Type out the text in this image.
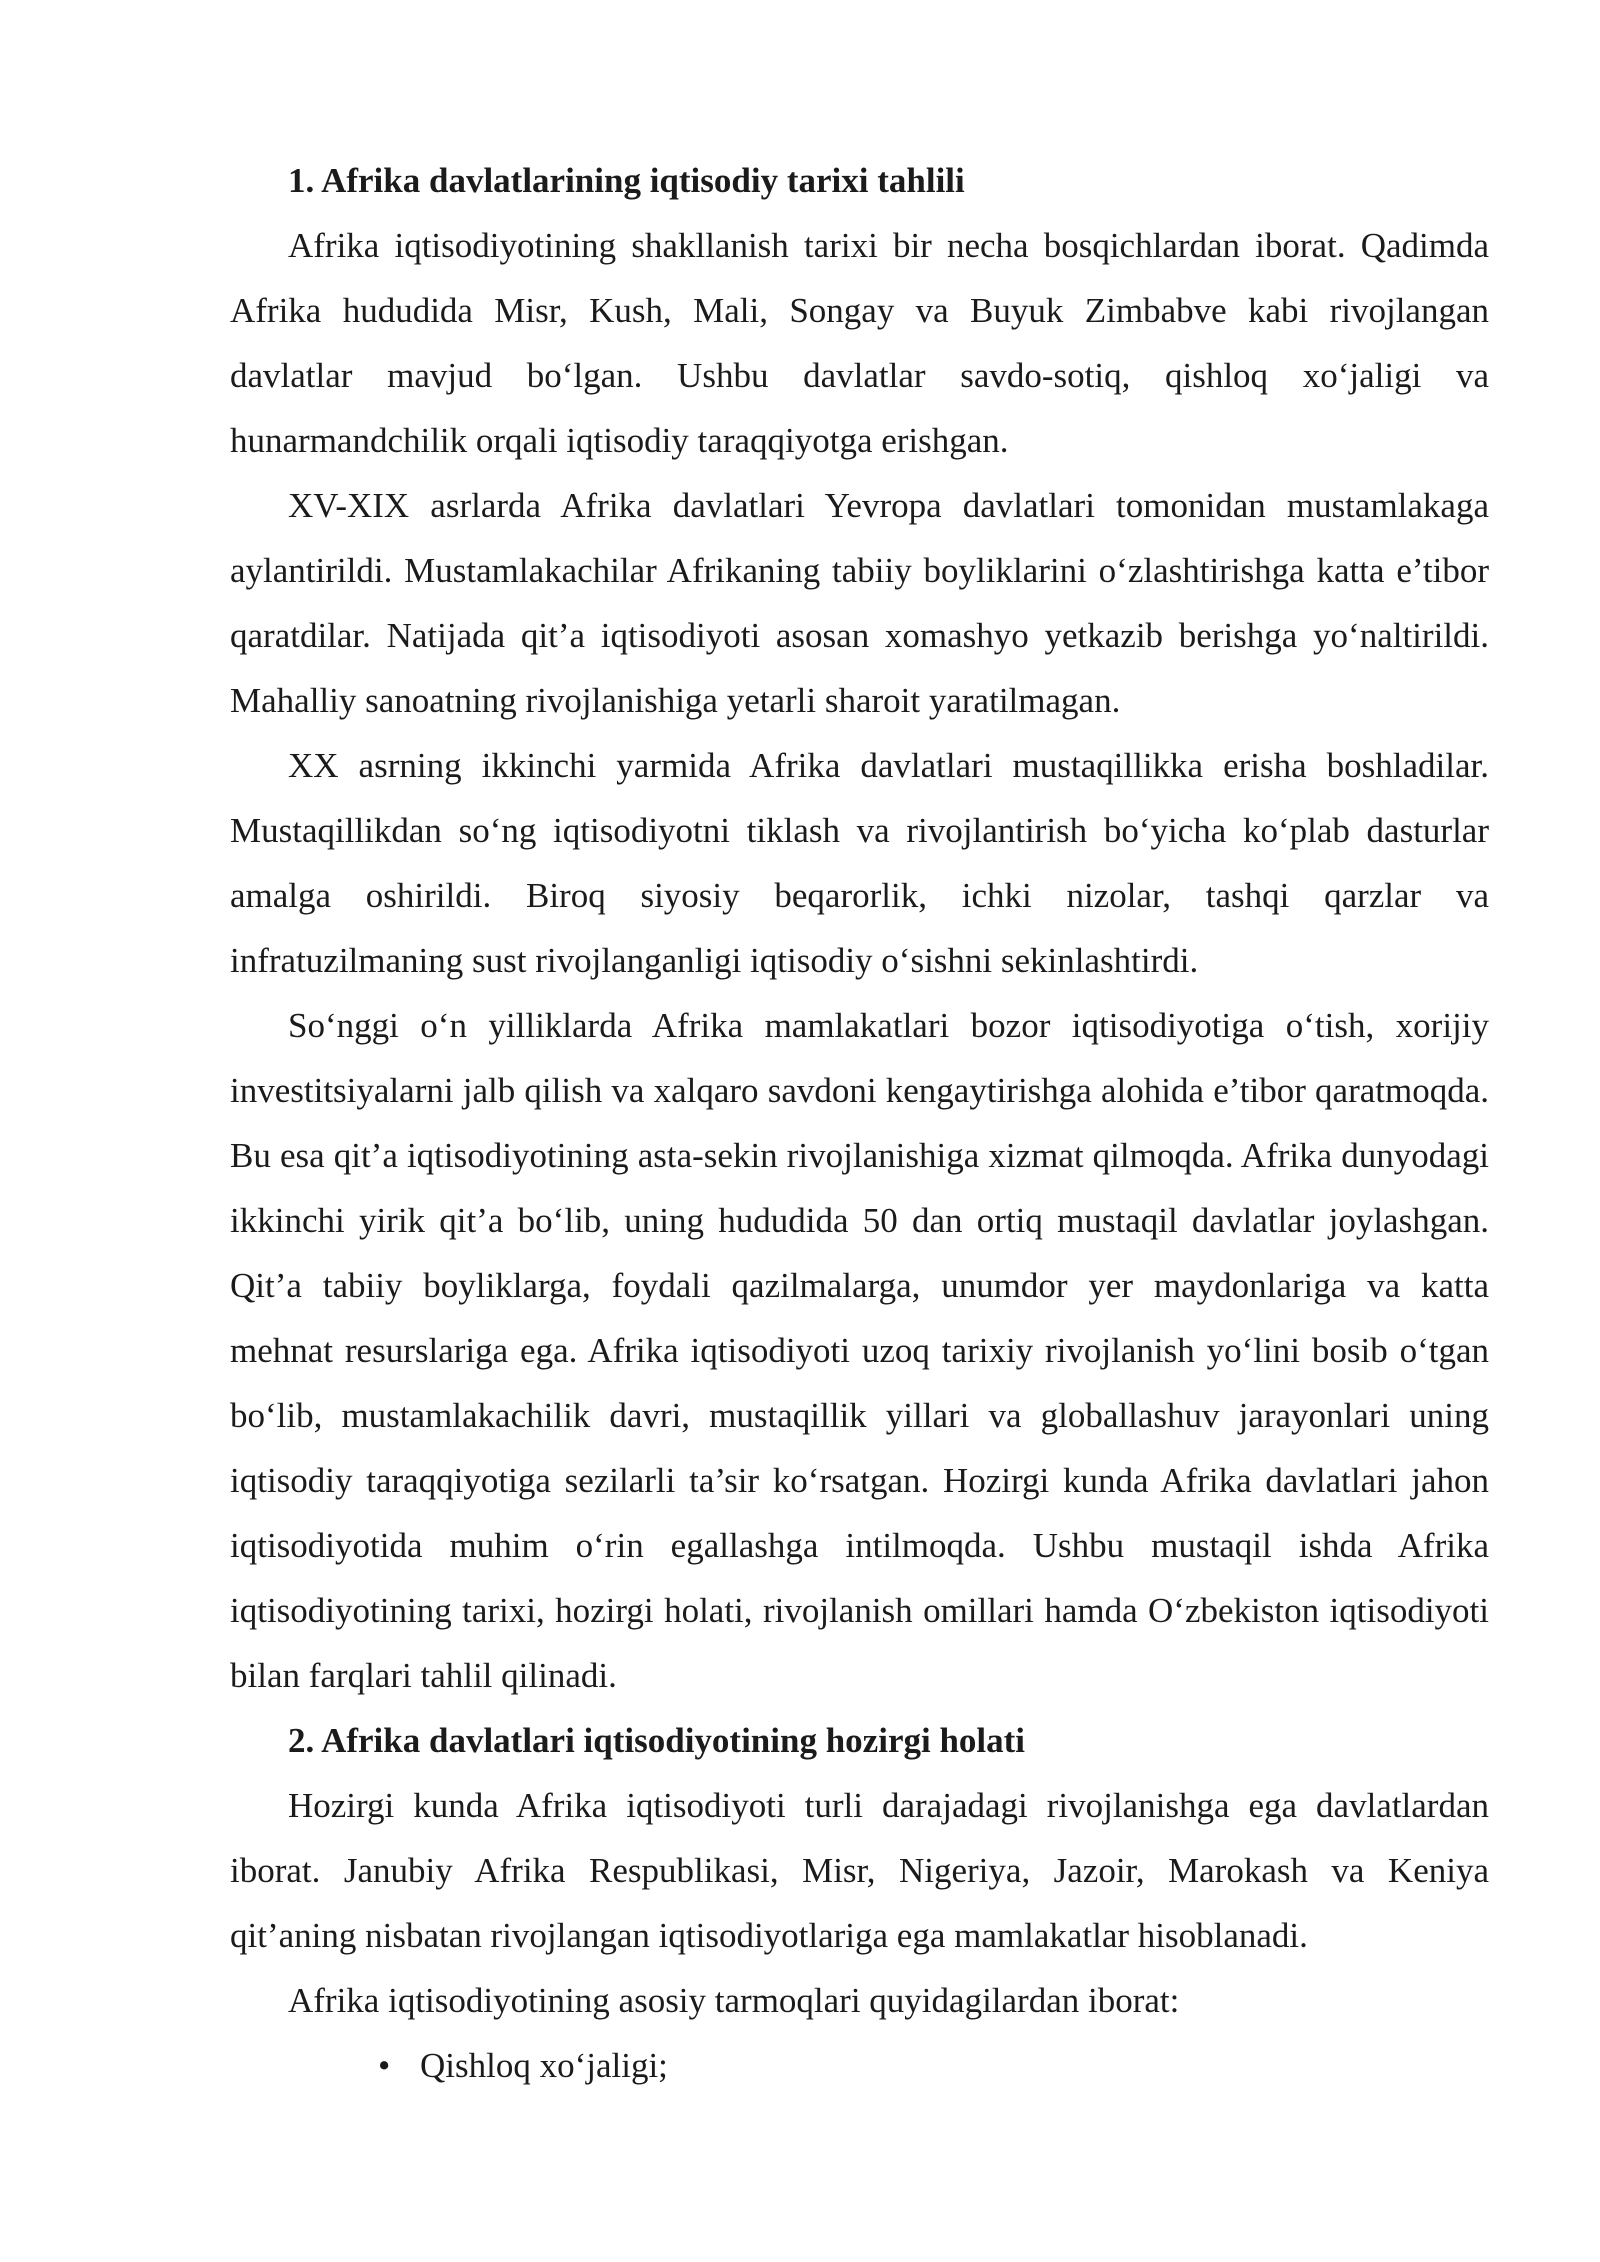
1. Afrika davlatlarining iqtisodiy tarixi tahlili

Afrika iqtisodiyotining shakllanish tarixi bir necha bosqichlardan iborat. Qadimda Afrika hududida Misr, Kush, Mali, Songay va Buyuk Zimbabve kabi rivojlangan davlatlar mavjud boʻlgan. Ushbu davlatlar savdo-sotiq, qishloq xoʻjaligi va hunarmandchilik orqali iqtisodiy taraqqiyotga erishgan.

XV-XIX asrlarda Afrika davlatlari Yevropa davlatlari tomonidan mustamlakaga aylantirildi. Mustamlakachilar Afrikaning tabiiy boyliklarini oʻzlashtirishga katta e’tibor qaratdilar. Natijada qit’a iqtisodiyoti asosan xomashyo yetkazib berishga yoʻnaltirildi. Mahalliy sanoatning rivojlanishiga yetarli sharoit yaratilmagan.

XX asrning ikkinchi yarmida Afrika davlatlari mustaqillikka erisha boshladilar. Mustaqillikdan soʻng iqtisodiyotni tiklash va rivojlantirish boʻyicha koʻplab dasturlar amalga oshirildi. Biroq siyosiy beqarorlik, ichki nizolar, tashqi qarzlar va infratuzilmaning sust rivojlanganligi iqtisodiy oʻsishni sekinlashtirdi.

Soʻnggi oʻn yilliklarda Afrika mamlakatlari bozor iqtisodiyotiga oʻtish, xorijiy investitsiyalarni jalb qilish va xalqaro savdoni kengaytirishga alohida e’tibor qaratmoqda. Bu esa qit’a iqtisodiyotining asta-sekin rivojlanishiga xizmat qilmoqda. Afrika dunyodagi ikkinchi yirik qit’a boʻlib, uning hududida 50 dan ortiq mustaqil davlatlar joylashgan. Qit’a tabiiy boyliklarga, foydali qazilmalarga, unumdor yer maydonlariga va katta mehnat resurslariga ega. Afrika iqtisodiyoti uzoq tarixiy rivojlanish yoʻlini bosib oʻtgan boʻlib, mustamlakachilik davri, mustaqillik yillari va globallashuv jarayonlari uning iqtisodiy taraqqiyotiga sezilarli ta’sir koʻrsatgan. Hozirgi kunda Afrika davlatlari jahon iqtisodiyotida muhim oʻrin egallashga intilmoqda. Ushbu mustaqil ishda Afrika iqtisodiyotining tarixi, hozirgi holati, rivojlanish omillari hamda Oʻzbekiston iqtisodiyoti bilan farqlari tahlil qilinadi.

2. Afrika davlatlari iqtisodiyotining hozirgi holati

Hozirgi kunda Afrika iqtisodiyoti turli darajadagi rivojlanishga ega davlatlardan iborat. Janubiy Afrika Respublikasi, Misr, Nigeriya, Jazoir, Marokash va Keniya qit’aning nisbatan rivojlangan iqtisodiyotlariga ega mamlakatlar hisoblanadi.

Afrika iqtisodiyotining asosiy tarmoqlari quyidagilardan iborat:

• Qishloq xoʻjaligi;
